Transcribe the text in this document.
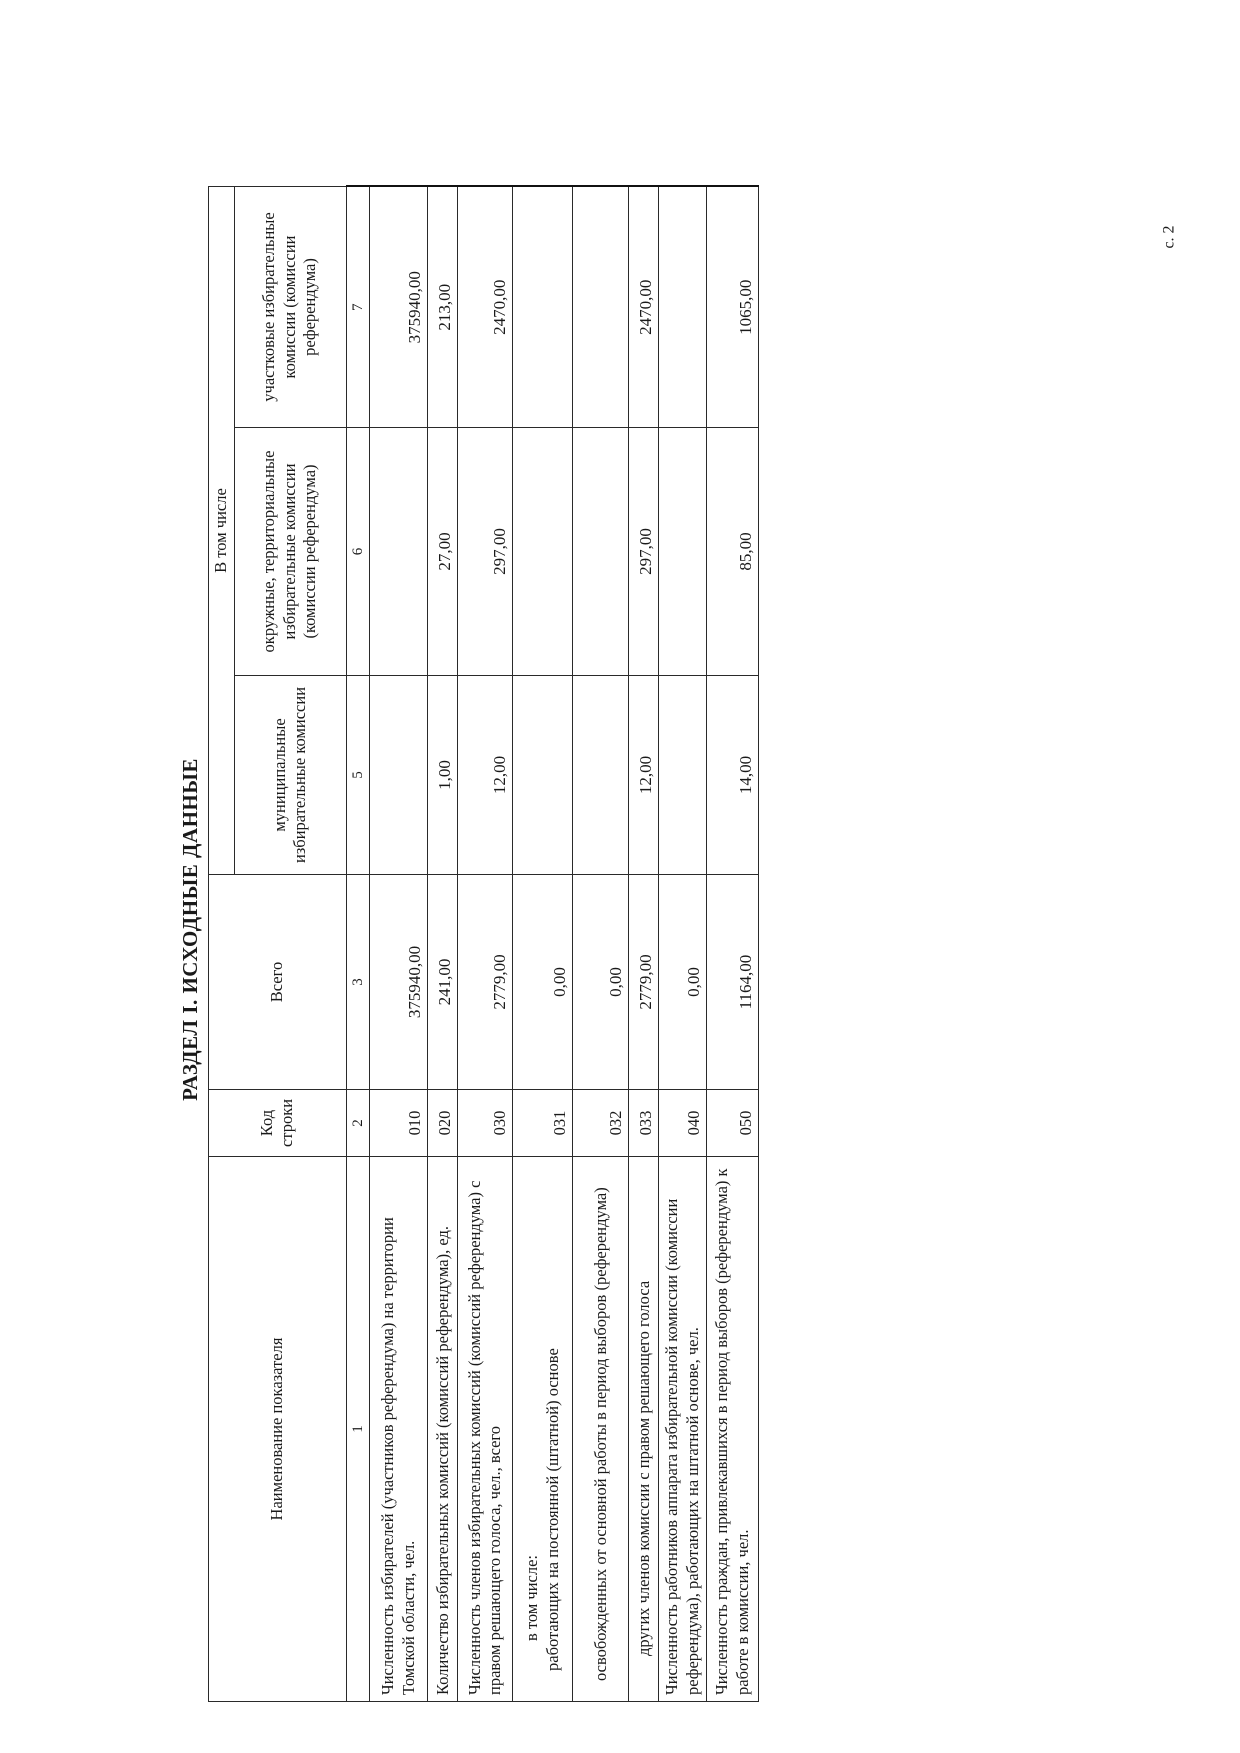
с. 2
РАЗДЕЛ I. ИСХОДНЫЕ ДАННЫЕ
Наименование показателя	Код строки	Всего	В том числе		
			муниципальные избирательные комиссии	окружные, территориальные избирательные комиссии (комиссии референдума)	участковые избирательные комиссии (комиссии референдума)
1	2	3	5	6	7
Численность избирателей (участников референдума) на территории Томской области, чел.	010	375940,00			375940,00
Количество избирательных комиссий (комиссий референдума), ед.	020	241,00	1,00	27,00	213,00
Численность членов избирательных комиссий (комиссий референдума) с правом решающего голоса, чел., всего	030	2779,00	12,00	297,00	2470,00

в том числе: работающих на постоянной (штатной) основе	031	0,00			
освобожденных от основной работы в период выборов (референдума)	032	0,00			
других членов комиссии с правом решающего голоса	033	2779,00	12,00	297,00	2470,00
Численность работников аппарата избирательной комиссии (комиссии референдума), работающих на штатной основе, чел.	040	0,00			
Численность граждан, привлекавшихся в период выборов (референдума) к работе в комиссии, чел.	050	1164,00	14,00	85,00	1065,00
